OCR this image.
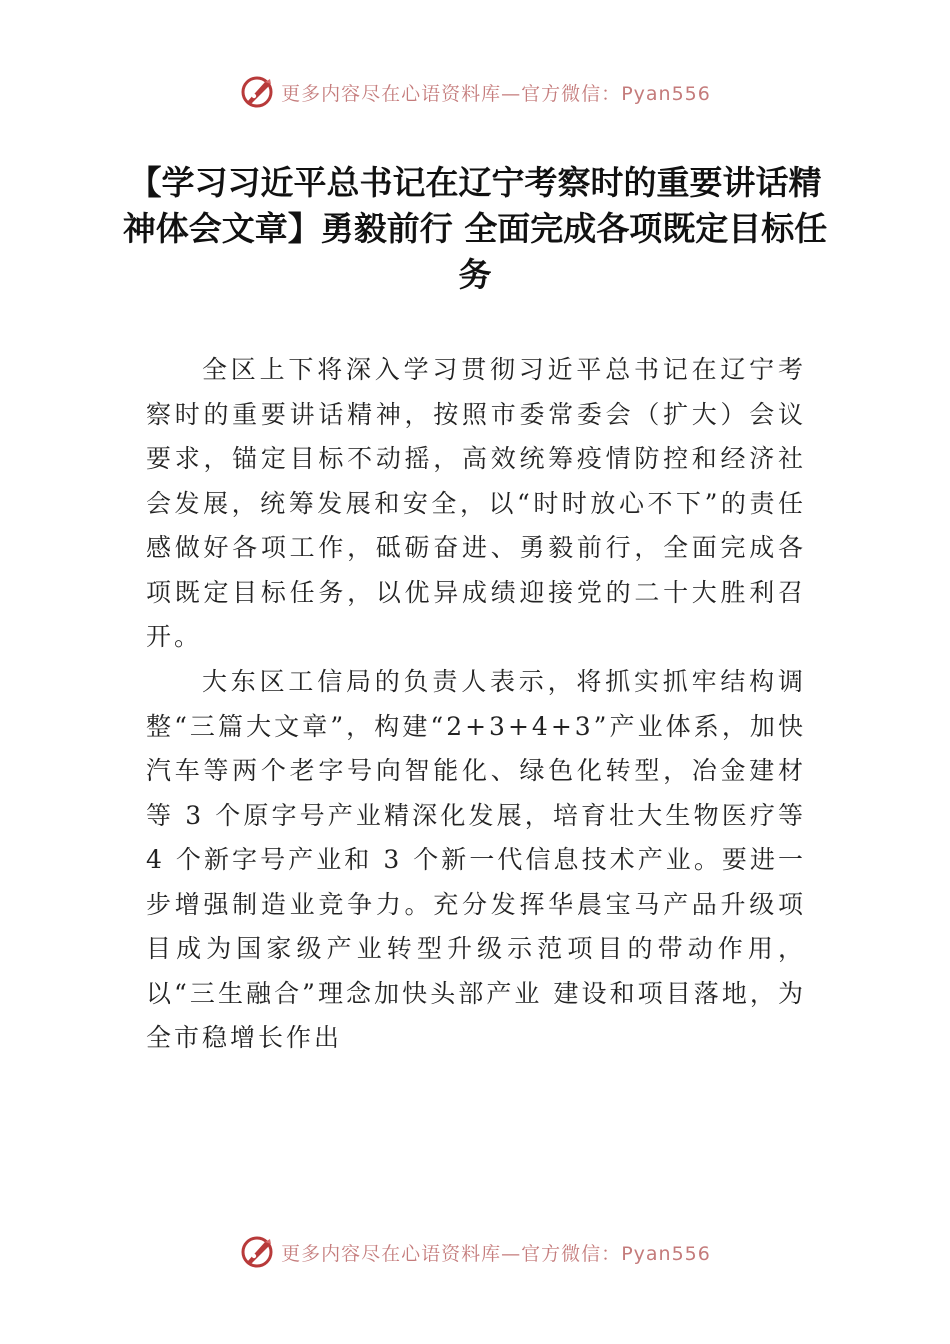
更多内容尽在心语资料库—官方微信：Pyan556
【学习习近平总书记在辽宁考察时的重要讲话精神体会文章】勇毅前行 全面完成各项既定目标任务

全区上下将深入学习贯彻习近平总书记在辽宁考察时的重要讲话精神，按照市委常委会（扩大）会议要求，锚定目标不动摇，高效统筹疫情防控和经济社会发展，统筹发展和安全，以“时时放心不下”的责任感做好各项工作，砥砺奋进、勇毅前行，全面完成各项既定目标任务，以优异成绩迎接党的二十大胜利召开。

大东区工信局的负责人表示，将抓实抓牢结构调整“三篇大文章”，构建“2+3+4+3”产业体系，加快汽车等两个老字号向智能化、绿色化转型，冶金建材等 3 个原字号产业精深化发展，培育壮大生物医疗等 4 个新字号产业和 3 个新一代信息技术产业。要进一步增强制造业竞争力。充分发挥华晨宝马产品升级项目成为国家级产业转型升级示范项目的带动作用，以“三生融合”理念加快头部产业 建设和项目落地，为全市稳增长作出

更多内容尽在心语资料库—官方微信：Pyan556
